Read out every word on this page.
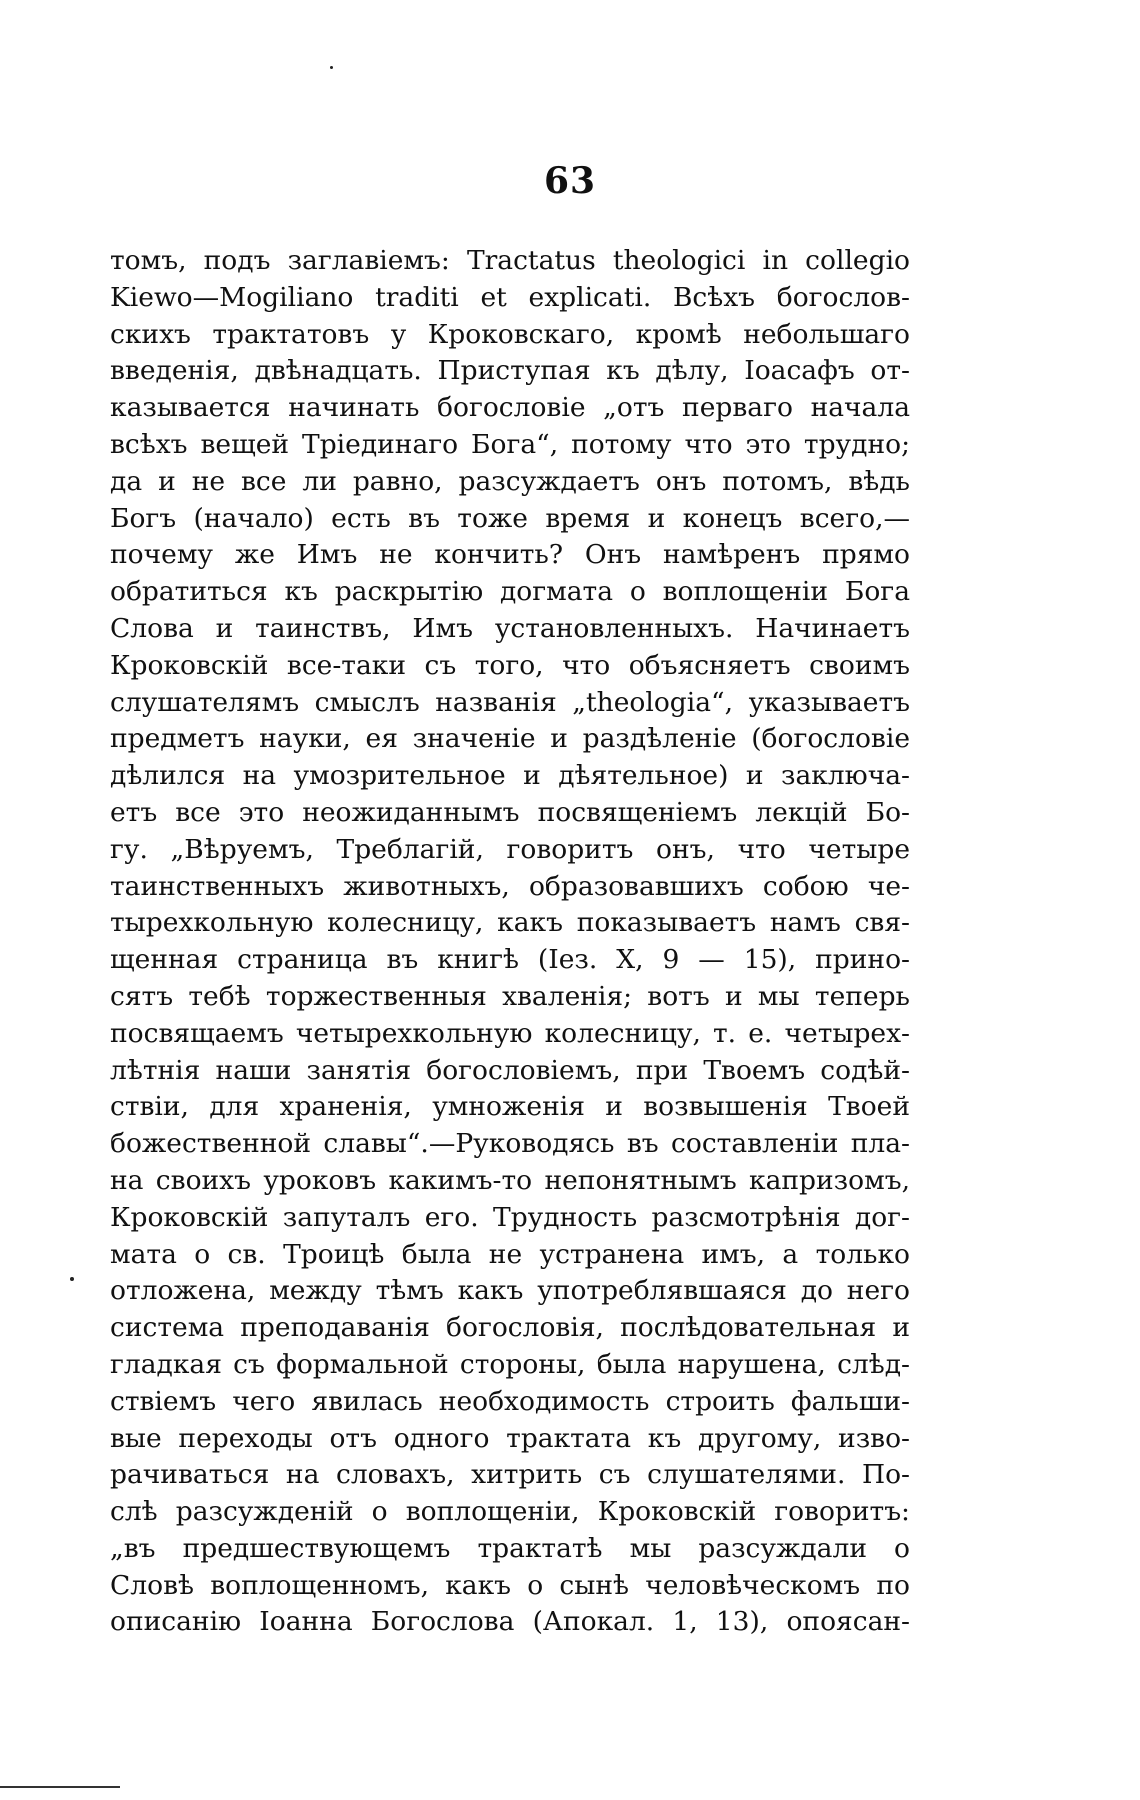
63
томъ, подъ заглавіемъ: Tractatus theologici in collegio
Kiewo—Mogiliano traditi et explicati. Всѣхъ богослов-
скихъ трактатовъ у Кроковскаго, кромѣ небольшаго
введенія, двѣнадцать. Приступая къ дѣлу, Іоасафъ от-
казывается начинать богословіе „отъ перваго начала
всѣхъ вещей Тріединаго Бога“, потому что это трудно;
да и не все ли равно, разсуждаетъ онъ потомъ, вѣдь
Богъ (начало) есть въ тоже время и конецъ всего,—
почему же Имъ не кончить? Онъ намѣренъ прямо
обратиться къ раскрытію догмата о воплощеніи Бога
Слова и таинствъ, Имъ установленныхъ. Начинаетъ
Кроковскій все-таки съ того, что объясняетъ своимъ
слушателямъ смыслъ названія „theologia“, указываетъ
предметъ науки, ея значеніе и раздѣленіе (богословіе
дѣлился на умозрительное и дѣятельное) и заключа-
етъ все это неожиданнымъ посвященіемъ лекцій Бо-
гу. „Вѣруемъ, Треблагій, говоритъ онъ, что четыре
таинственныхъ животныхъ, образовавшихъ собою че-
тырехкольную колесницу, какъ показываетъ намъ свя-
щенная страница въ книгѣ (Іез. X, 9 — 15), прино-
сятъ тебѣ торжественныя хваленія; вотъ и мы теперь
посвящаемъ четырехкольную колесницу, т. е. четырех-
лѣтнія наши занятія богословіемъ, при Твоемъ содѣй-
ствіи, для храненія, умноженія и возвышенія Твоей
божественной славы“.—Руководясь въ составленіи пла-
на своихъ уроковъ какимъ-то непонятнымъ капризомъ,
Кроковскій запуталъ его. Трудность разсмотрѣнія дог-
мата о св. Троицѣ была не устранена имъ, а только
отложена, между тѣмъ какъ употреблявшаяся до него
система преподаванія богословія, послѣдовательная и
гладкая съ формальной стороны, была нарушена, слѣд-
ствіемъ чего явилась необходимость строить фальши-
вые переходы отъ одного трактата къ другому, изво-
рачиваться на словахъ, хитрить съ слушателями. По-
слѣ разсужденій о воплощеніи, Кроковскій говоритъ:
„въ предшествующемъ трактатѣ мы разсуждали о
Словѣ воплощенномъ, какъ о сынѣ человѣческомъ по
описанію Іоанна Богослова (Апокал. 1, 13), опоясан-
